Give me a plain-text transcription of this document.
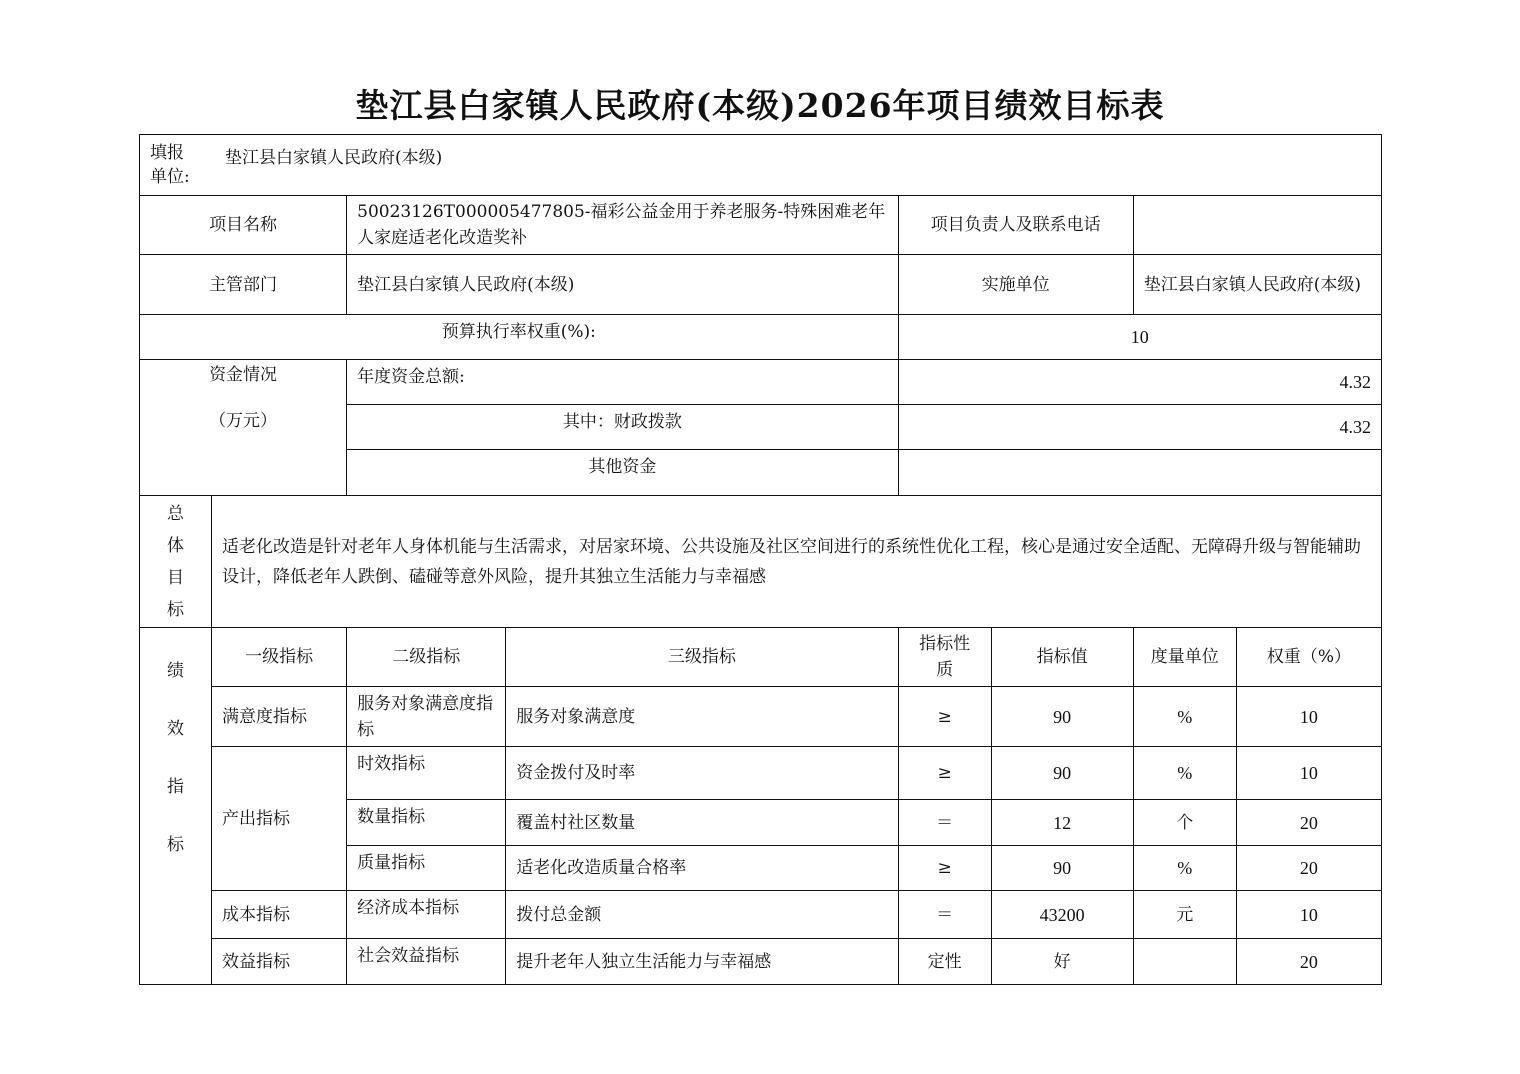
垫江县白家镇人民政府(本级)2026年项目绩效目标表
填报单位:
垫江县白家镇人民政府(本级)							

项目名称		50023126T000005477805-福彩公益金用于养老服务-特殊困难老年人家庭适老化改造奖补		项目负责人及联系电话			
主管部门		垫江县白家镇人民政府(本级)		实施单位		垫江县白家镇人民政府(本级)	
预算执行率权重(%):				10			

资金情况
（万元）		年度资金总额:		4.32			
		其中：财政拨款		4.32			
		其他资金					

总体目标	适老化改造是针对老年人身体机能与生活需求，对居家环境、公共设施及社区空间进行的系统性优化工程，核心是通过安全适配、无障碍升级与智能辅助设计，降低老年人跌倒、磕碰等意外风险，提升其独立生活能力与幸福感						

绩效指标	一级指标	二级指标	三级指标	指标性质	指标值	度量单位	权重（%）
	满意度指标	服务对象满意度指标	服务对象满意度	≥	90	%	10
	产出指标	时效指标	资金拨付及时率	≥	90	%	10
		数量指标	覆盖村社区数量	＝	12	个	20
		质量指标	适老化改造质量合格率	≥	90	%	20
	成本指标	经济成本指标	拨付总金额	＝	43200	元	10
	效益指标	社会效益指标	提升老年人独立生活能力与幸福感	定性	好		20
